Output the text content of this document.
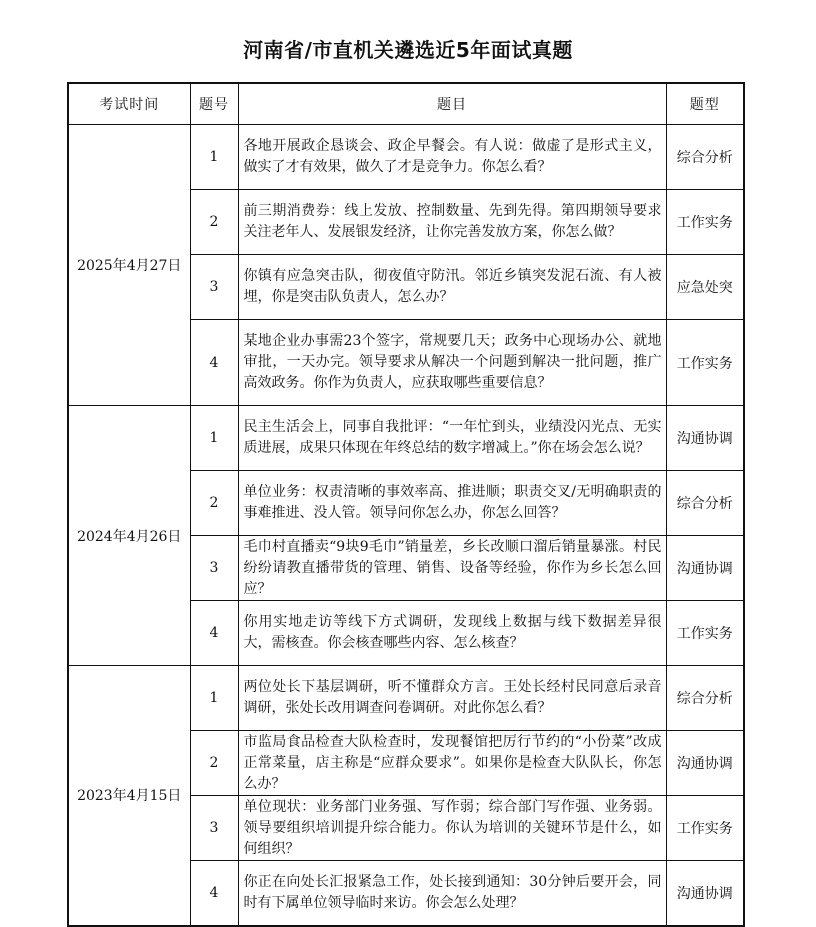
河南省/市直机关遴选近5年面试真题
考试时间	题号	题目	题型
2025年4月27日	1	各地开展政企恳谈会、政企早餐会。有人说：做虚了是形式主义，做实了才有效果，做久了才是竞争力。你怎么看？	综合分析
	2	前三期消费券：线上发放、控制数量、先到先得。第四期领导要求关注老年人、发展银发经济，让你完善发放方案，你怎么做？	工作实务
	3	你镇有应急突击队，彻夜值守防汛。邻近乡镇突发泥石流、有人被埋，你是突击队负责人，怎么办？	应急处突
	4	某地企业办事需23个签字，常规要几天；政务中心现场办公、就地审批，一天办完。领导要求从解决一个问题到解决一批问题，推广高效政务。你作为负责人，应获取哪些重要信息？	工作实务
2024年4月26日	1	民主生活会上，同事自我批评：“一年忙到头，业绩没闪光点、无实质进展，成果只体现在年终总结的数字增减上。”你在场会怎么说？	沟通协调
	2	单位业务：权责清晰的事效率高、推进顺；职责交叉/无明确职责的事难推进、没人管。领导问你怎么办，你怎么回答？	综合分析
	3	毛巾村直播卖“9块9毛巾”销量差，乡长改顺口溜后销量暴涨。村民纷纷请教直播带货的管理、销售、设备等经验，你作为乡长怎么回应？	沟通协调
	4	你用实地走访等线下方式调研，发现线上数据与线下数据差异很大，需核查。你会核查哪些内容、怎么核查？	工作实务
2023年4月15日	1	两位处长下基层调研，听不懂群众方言。王处长经村民同意后录音调研，张处长改用调查问卷调研。对此你怎么看？	综合分析
	2	市监局食品检查大队检查时，发现餐馆把厉行节约的“小份菜”改成正常菜量，店主称是“应群众要求”。如果你是检查大队队长，你怎么办？	沟通协调
	3	单位现状：业务部门业务强、写作弱；综合部门写作强、业务弱。领导要组织培训提升综合能力。你认为培训的关键环节是什么，如何组织？	工作实务
	4	你正在向处长汇报紧急工作，处长接到通知：30分钟后要开会，同时有下属单位领导临时来访。你会怎么处理？	沟通协调
